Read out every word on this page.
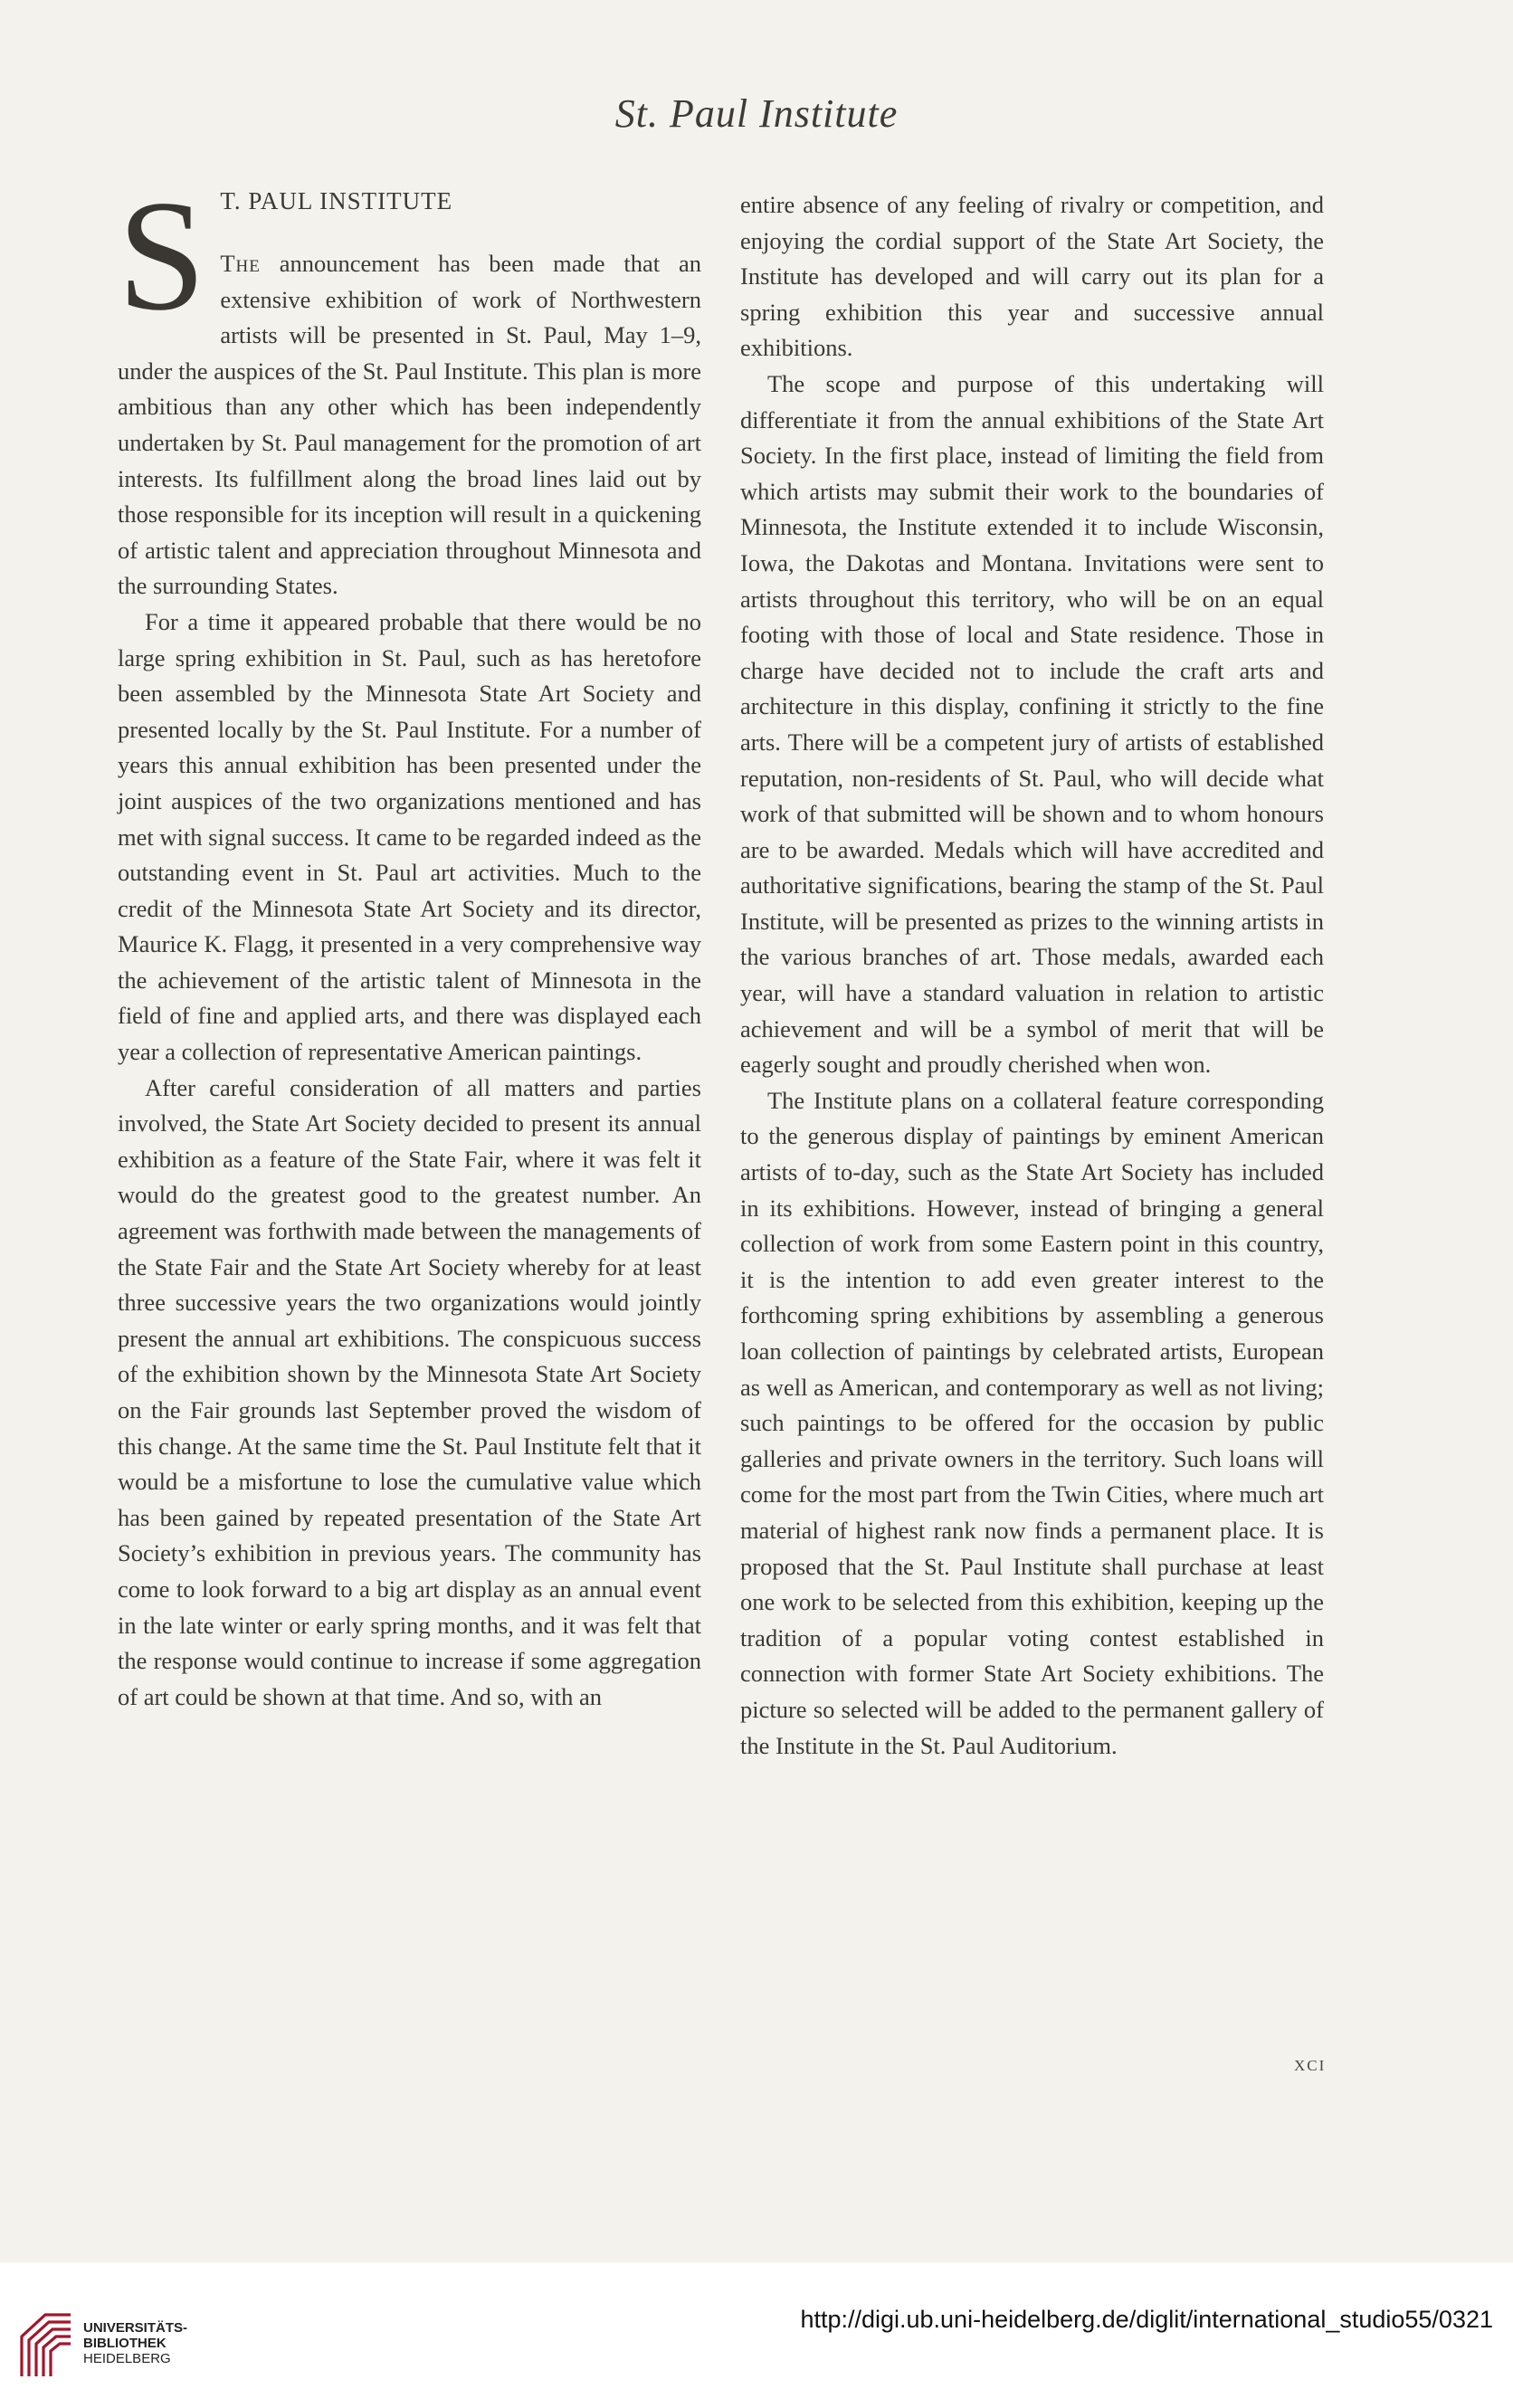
St. Paul Institute

S T. PAUL INSTITUTE
The announcement has been made that an extensive exhibition of work of Northwestern artists will be presented in St. Paul, May 1–9, under the auspices of the St. Paul Institute. This plan is more ambitious than any other which has been independently undertaken by St. Paul management for the promotion of art interests. Its fulfillment along the broad lines laid out by those responsible for its inception will result in a quickening of artistic talent and appreciation throughout Minnesota and the surrounding States.

For a time it appeared probable that there would be no large spring exhibition in St. Paul, such as has heretofore been assembled by the Minnesota State Art Society and presented locally by the St. Paul Institute. For a number of years this annual exhibition has been presented under the joint auspices of the two organizations mentioned and has met with signal success. It came to be regarded indeed as the outstanding event in St. Paul art activities. Much to the credit of the Minnesota State Art Society and its director, Maurice K. Flagg, it presented in a very comprehensive way the achievement of the artistic talent of Minnesota in the field of fine and applied arts, and there was displayed each year a collection of representative American paintings.

After careful consideration of all matters and parties involved, the State Art Society decided to present its annual exhibition as a feature of the State Fair, where it was felt it would do the greatest good to the greatest number. An agreement was forthwith made between the managements of the State Fair and the State Art Society whereby for at least three successive years the two organizations would jointly present the annual art exhibitions. The conspicuous success of the exhibition shown by the Minnesota State Art Society on the Fair grounds last September proved the wisdom of this change. At the same time the St. Paul Institute felt that it would be a misfortune to lose the cumulative value which has been gained by repeated presentation of the State Art Society’s exhibition in previous years. The community has come to look forward to a big art display as an annual event in the late winter or early spring months, and it was felt that the response would continue to increase if some aggregation of art could be shown at that time. And so, with an

entire absence of any feeling of rivalry or competition, and enjoying the cordial support of the State Art Society, the Institute has developed and will carry out its plan for a spring exhibition this year and successive annual exhibitions.

The scope and purpose of this undertaking will differentiate it from the annual exhibitions of the State Art Society. In the first place, instead of limiting the field from which artists may submit their work to the boundaries of Minnesota, the Institute extended it to include Wisconsin, Iowa, the Dakotas and Montana. Invitations were sent to artists throughout this territory, who will be on an equal footing with those of local and State residence. Those in charge have decided not to include the craft arts and architecture in this display, confining it strictly to the fine arts. There will be a competent jury of artists of established reputation, non-residents of St. Paul, who will decide what work of that submitted will be shown and to whom honours are to be awarded. Medals which will have accredited and authoritative significations, bearing the stamp of the St. Paul Institute, will be presented as prizes to the winning artists in the various branches of art. Those medals, awarded each year, will have a standard valuation in relation to artistic achievement and will be a symbol of merit that will be eagerly sought and proudly cherished when won.

The Institute plans on a collateral feature corresponding to the generous display of paintings by eminent American artists of to-day, such as the State Art Society has included in its exhibitions. However, instead of bringing a general collection of work from some Eastern point in this country, it is the intention to add even greater interest to the forthcoming spring exhibitions by assembling a generous loan collection of paintings by celebrated artists, European as well as American, and contemporary as well as not living; such paintings to be offered for the occasion by public galleries and private owners in the territory. Such loans will come for the most part from the Twin Cities, where much art material of highest rank now finds a permanent place. It is proposed that the St. Paul Institute shall purchase at least one work to be selected from this exhibition, keeping up the tradition of a popular voting contest established in connection with former State Art Society exhibitions. The picture so selected will be added to the permanent gallery of the Institute in the St. Paul Auditorium.

xci
UNIVERSITÄTS-
BIBLIOTHEK
HEIDELBERG
http://digi.ub.uni-heidelberg.de/diglit/international_studio55/0321
